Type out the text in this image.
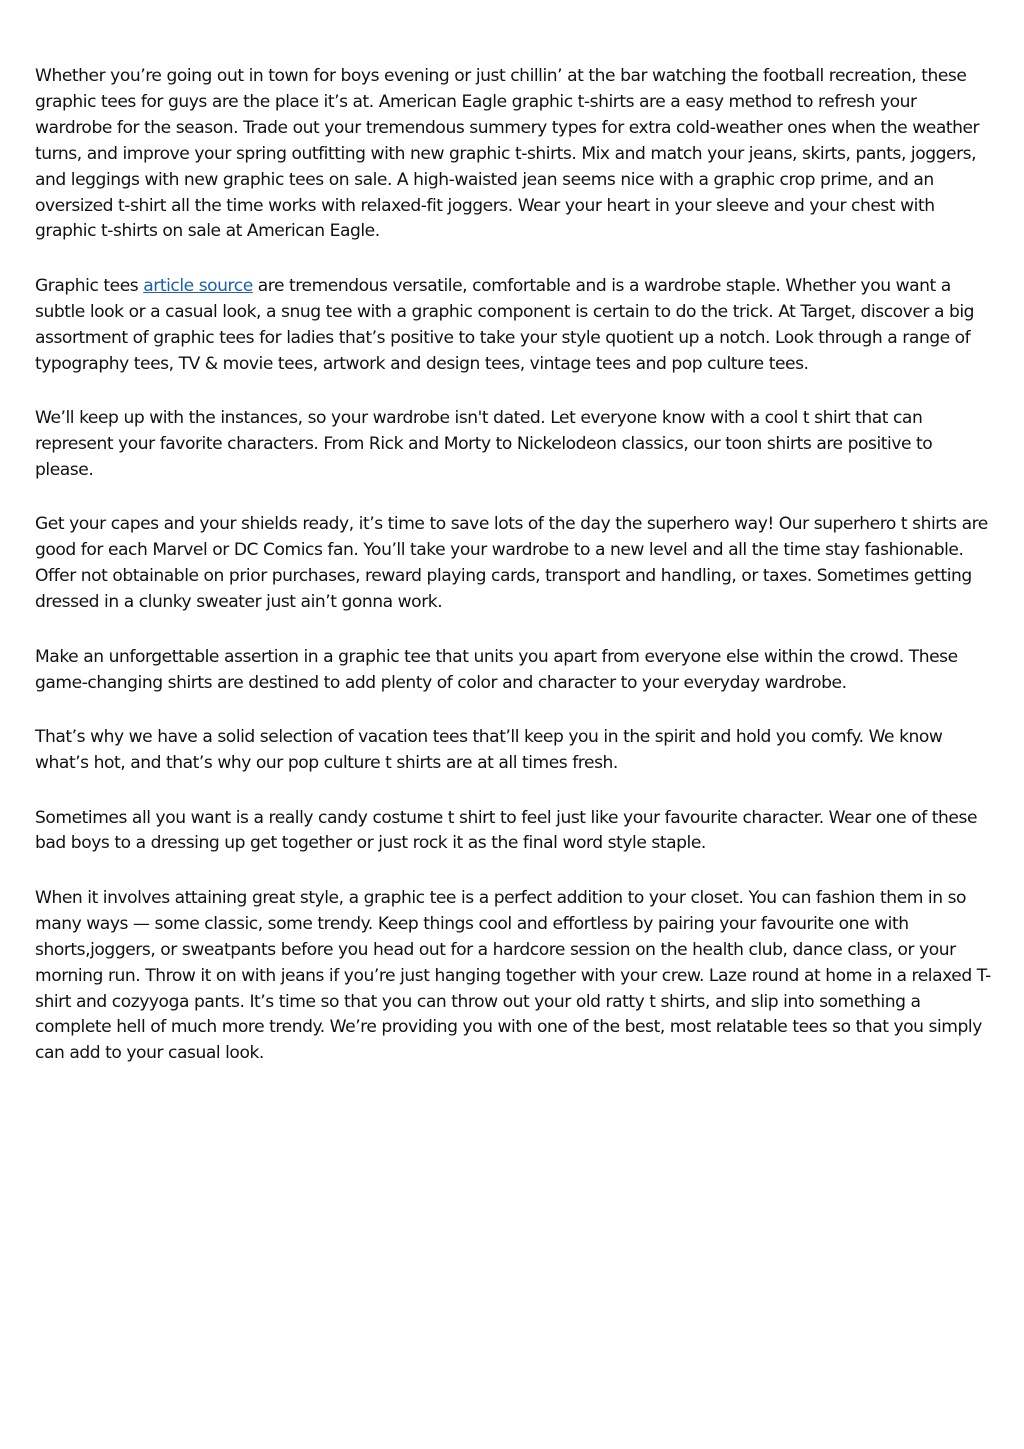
Whether you’re going out in town for boys evening or just chillin’ at the bar watching the football recreation, these graphic tees for guys are the place it’s at. American Eagle graphic t-shirts are a easy method to refresh your wardrobe for the season. Trade out your tremendous summery types for extra cold-weather ones when the weather turns, and improve your spring outfitting with new graphic t-shirts. Mix and match your jeans, skirts, pants, joggers, and leggings with new graphic tees on sale. A high-waisted jean seems nice with a graphic crop prime, and an oversized t-shirt all the time works with relaxed-fit joggers. Wear your heart in your sleeve and your chest with graphic t-shirts on sale at American Eagle.

Graphic tees article source are tremendous versatile, comfortable and is a wardrobe staple. Whether you want a subtle look or a casual look, a snug tee with a graphic component is certain to do the trick. At Target, discover a big assortment of graphic tees for ladies that’s positive to take your style quotient up a notch. Look through a range of typography tees, TV & movie tees, artwork and design tees, vintage tees and pop culture tees.

We’ll keep up with the instances, so your wardrobe isn't dated. Let everyone know with a cool t shirt that can represent your favorite characters. From Rick and Morty to Nickelodeon classics, our toon shirts are positive to please.

Get your capes and your shields ready, it’s time to save lots of the day the superhero way! Our superhero t shirts are good for each Marvel or DC Comics fan. You’ll take your wardrobe to a new level and all the time stay fashionable. Offer not obtainable on prior purchases, reward playing cards, transport and handling, or taxes. Sometimes getting dressed in a clunky sweater just ain’t gonna work.

Make an unforgettable assertion in a graphic tee that units you apart from everyone else within the crowd. These game-changing shirts are destined to add plenty of color and character to your everyday wardrobe.

That’s why we have a solid selection of vacation tees that’ll keep you in the spirit and hold you comfy. We know what’s hot, and that’s why our pop culture t shirts are at all times fresh.

Sometimes all you want is a really candy costume t shirt to feel just like your favourite character. Wear one of these bad boys to a dressing up get together or just rock it as the final word style staple.

When it involves attaining great style, a graphic tee is a perfect addition to your closet. You can fashion them in so many ways — some classic, some trendy. Keep things cool and effortless by pairing your favourite one with shorts,joggers, or sweatpants before you head out for a hardcore session on the health club, dance class, or your morning run. Throw it on with jeans if you’re just hanging together with your crew. Laze round at home in a relaxed T-shirt and cozyyoga pants. It’s time so that you can throw out your old ratty t shirts, and slip into something a complete hell of much more trendy. We’re providing you with one of the best, most relatable tees so that you simply can add to your casual look.
